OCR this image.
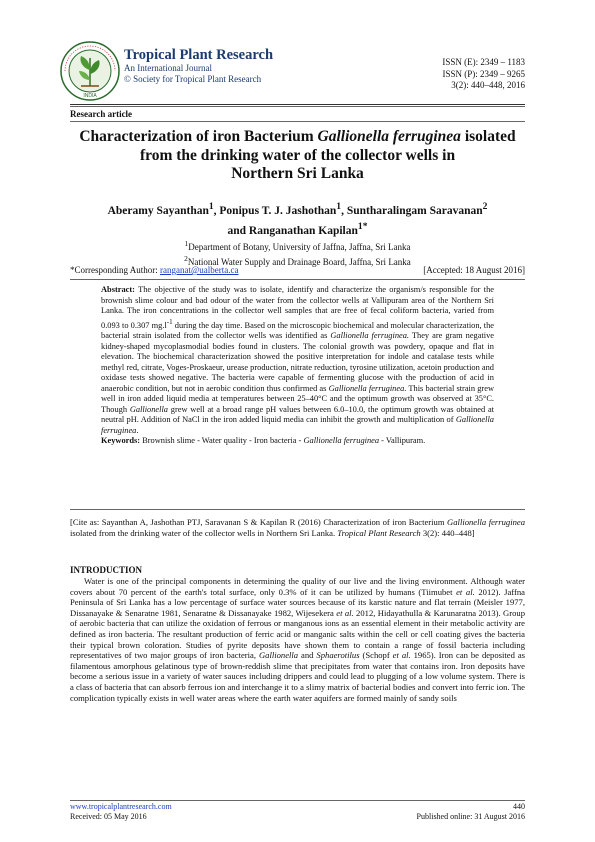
INDIA
Tropical Plant Research
An International Journal
© Society for Tropical Plant Research
ISSN (E): 2349 – 1183
ISSN (P): 2349 – 9265
3(2): 440–448, 2016
Research article
Characterization of iron Bacterium Gallionella ferruginea isolated
from the drinking water of the collector wells in
Northern Sri Lanka
Aberamy Sayanthan$^1$, Ponipus T. J. Jashothan$^1$, Suntharalingam Saravanan$^2$
and Ranganathan Kapilan$^{1*}$
$^1$Department of Botany, University of Jaffna, Jaffna, Sri Lanka
$^2$National Water Supply and Drainage Board, Jaffna, Sri Lanka
*Corresponding Author: ranganat@ualberta.ca	[Accepted: 18 August 2016]
Abstract: The objective of the study was to isolate, identify and characterize the organism/s responsible for the brownish slime colour and bad odour of the water from the collector wells at Vallipuram area of the Northern Sri Lanka. The iron concentrations in the collector well samples that are free of fecal coliform bacteria, varied from 0.093 to 0.307 $mg.l^{-1}$ during the day time. Based on the microscopic biochemical and molecular characterization, the bacterial strain isolated from the collector wells was identified as Gallionella ferruginea. They are gram negative kidney-shaped mycoplasmodial bodies found in clusters. The colonial growth was powdery, opaque and flat in elevation. The biochemical characterization showed the positive interpretation for indole and catalase tests while methyl red, citrate, Voges-Proskaeur, urease production, nitrate reduction, tyrosine utilization, acetoin production and oxidase tests showed negative. The bacteria were capable of fermenting glucose with the production of acid in anaerobic condition, but not in aerobic condition thus confirmed as Gallionella ferruginea. This bacterial strain grew well in iron added liquid media at temperatures between 25–40°C and the optimum growth was observed at 35°C. Though Gallionella grew well at a broad range pH values between 6.0–10.0, the optimum growth was obtained at neutral pH. Addition of NaCl in the iron added liquid media can inhibit the growth and multiplication of Gallionella ferruginea.
Keywords: Brownish slime - Water quality - Iron bacteria - Gallionella ferruginea - Vallipuram.
[Cite as: Sayanthan A, Jashothan PTJ, Saravanan S & Kapilan R (2016) Characterization of iron Bacterium Gallionella ferruginea isolated from the drinking water of the collector wells in Northern Sri Lanka. Tropical Plant Research 3(2): 440–448]
INTRODUCTION
Water is one of the principal components in determining the quality of our live and the living environment. Although water covers about 70 percent of the earth's total surface, only 0.3% of it can be utilized by humans (Tiimubet et al. 2012). Jaffna Peninsula of Sri Lanka has a low percentage of surface water sources because of its karstic nature and flat terrain (Meisler 1977, Dissanayake & Senaratne 1981, Senaratne & Dissanayake 1982, Wijesekera et al. 2012, Hidayathulla & Karunaratna 2013). Group of aerobic bacteria that can utilize the oxidation of ferrous or manganous ions as an essential element in their metabolic activity are defined as iron bacteria. The resultant production of ferric acid or manganic salts within the cell or cell coating gives the bacteria their typical brown coloration. Studies of pyrite deposits have shown them to contain a range of fossil bacteria including representatives of two major groups of iron bacteria, Gallionella and Sphaerotilus (Schopf et al. 1965). Iron can be deposited as filamentous amorphous gelatinous type of brown-reddish slime that precipitates from water that contains iron. Iron deposits have become a serious issue in a variety of water sauces including drippers and could lead to plugging of a low volume system. There is a class of bacteria that can absorb ferrous ion and interchange it to a slimy matrix of bacterial bodies and convert into ferric ion. The complication typically exists in well water areas where the earth water aquifers are formed mainly of sandy soils
www.tropicalplantresearch.com
Received: 05 May 2016
440
Published online: 31 August 2016
